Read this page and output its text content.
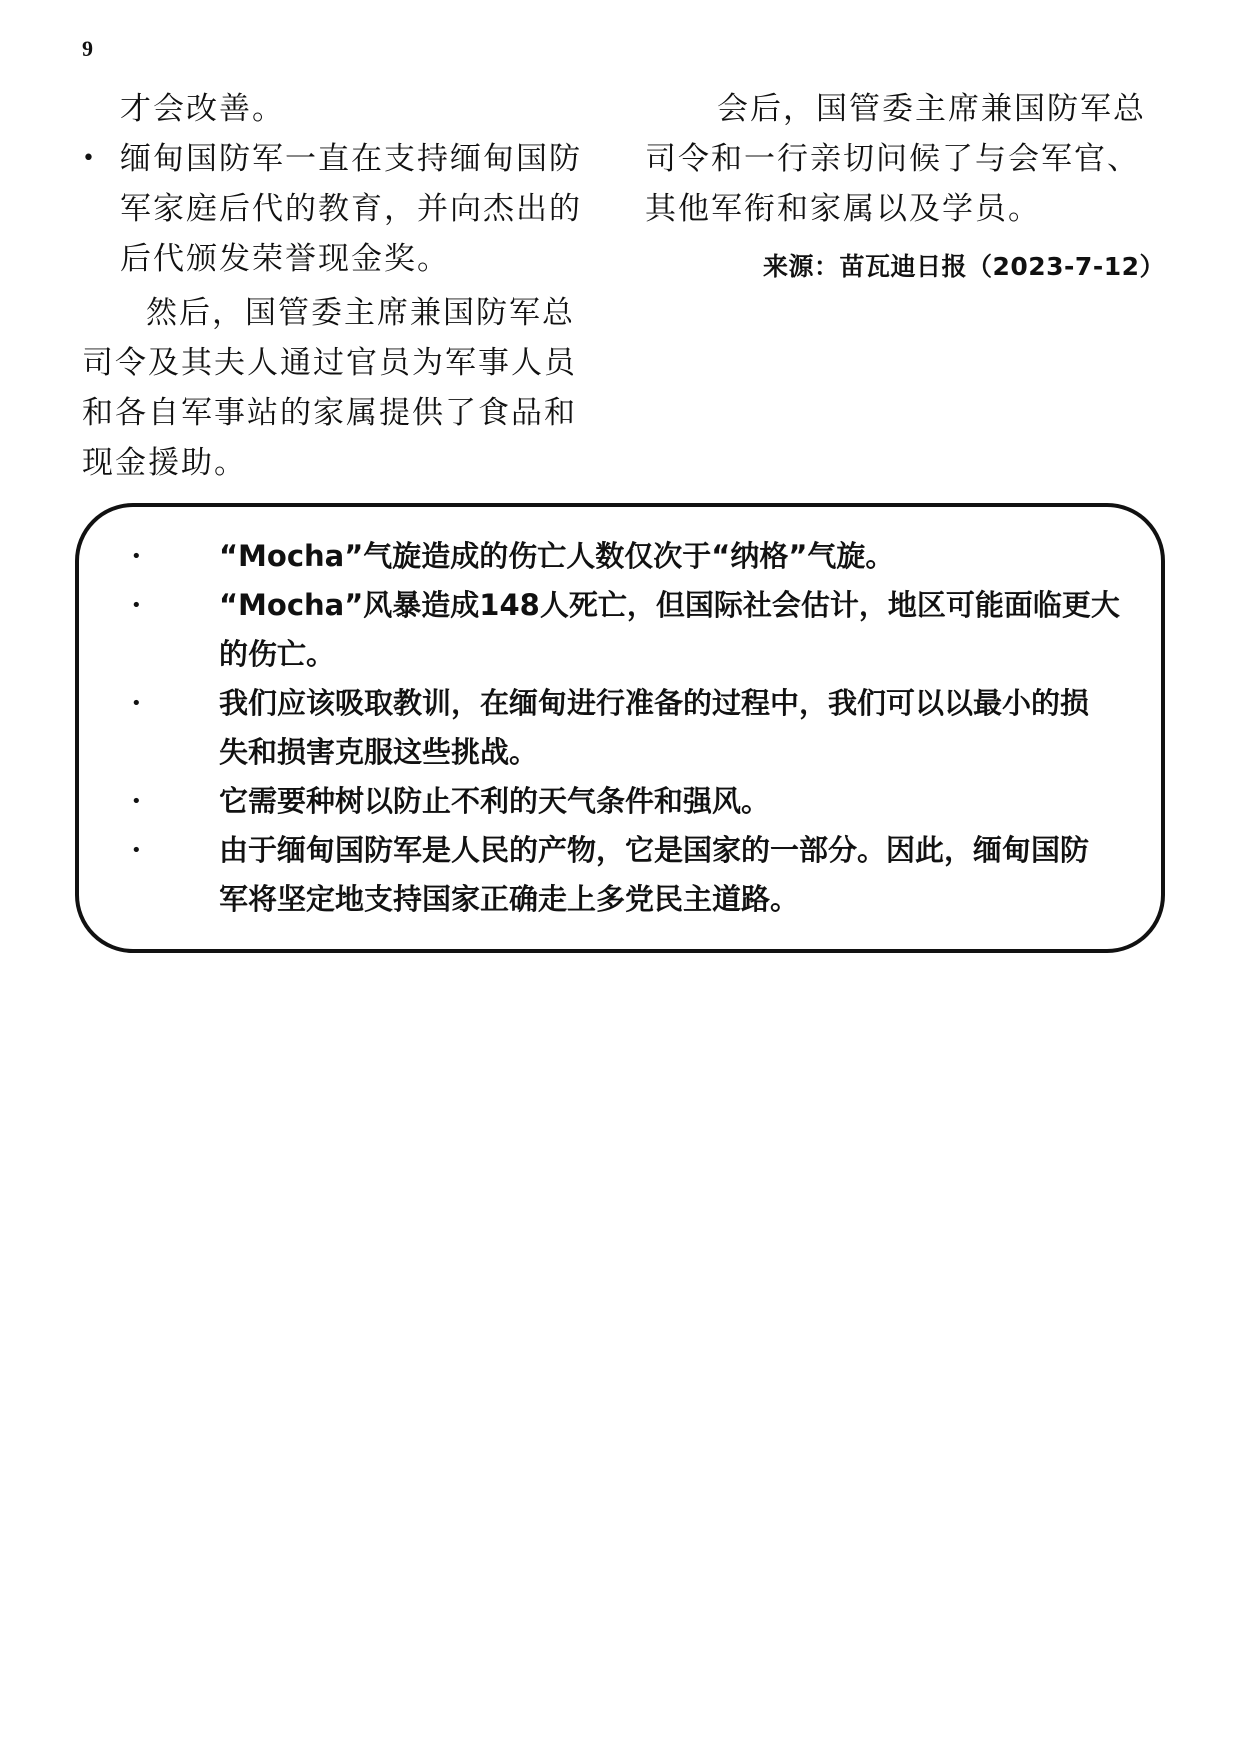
9
才会改善。
• 缅甸国防军一直在支持缅甸国防
军家庭后代的教育，并向杰出的
后代颁发荣誉现金奖。
然后，国管委主席兼国防军总
司令及其夫人通过官员为军事人员
和各自军事站的家属提供了食品和
现金援助。
会后，国管委主席兼国防军总
司令和一行亲切问候了与会军官、
其他军衔和家属以及学员。
来源：苗瓦迪日报（2023-7-12）
•	“Mocha”气旋造成的伤亡人数仅次于“纳格”气旋。
•	“Mocha”风暴造成148人死亡，但国际社会估计，地区可能面临更大
的伤亡。
•	我们应该吸取教训，在缅甸进行准备的过程中，我们可以以最小的损
失和损害克服这些挑战。
•	它需要种树以防止不利的天气条件和强风。
•	由于缅甸国防军是人民的产物，它是国家的一部分。因此，缅甸国防
军将坚定地支持国家正确走上多党民主道路。
